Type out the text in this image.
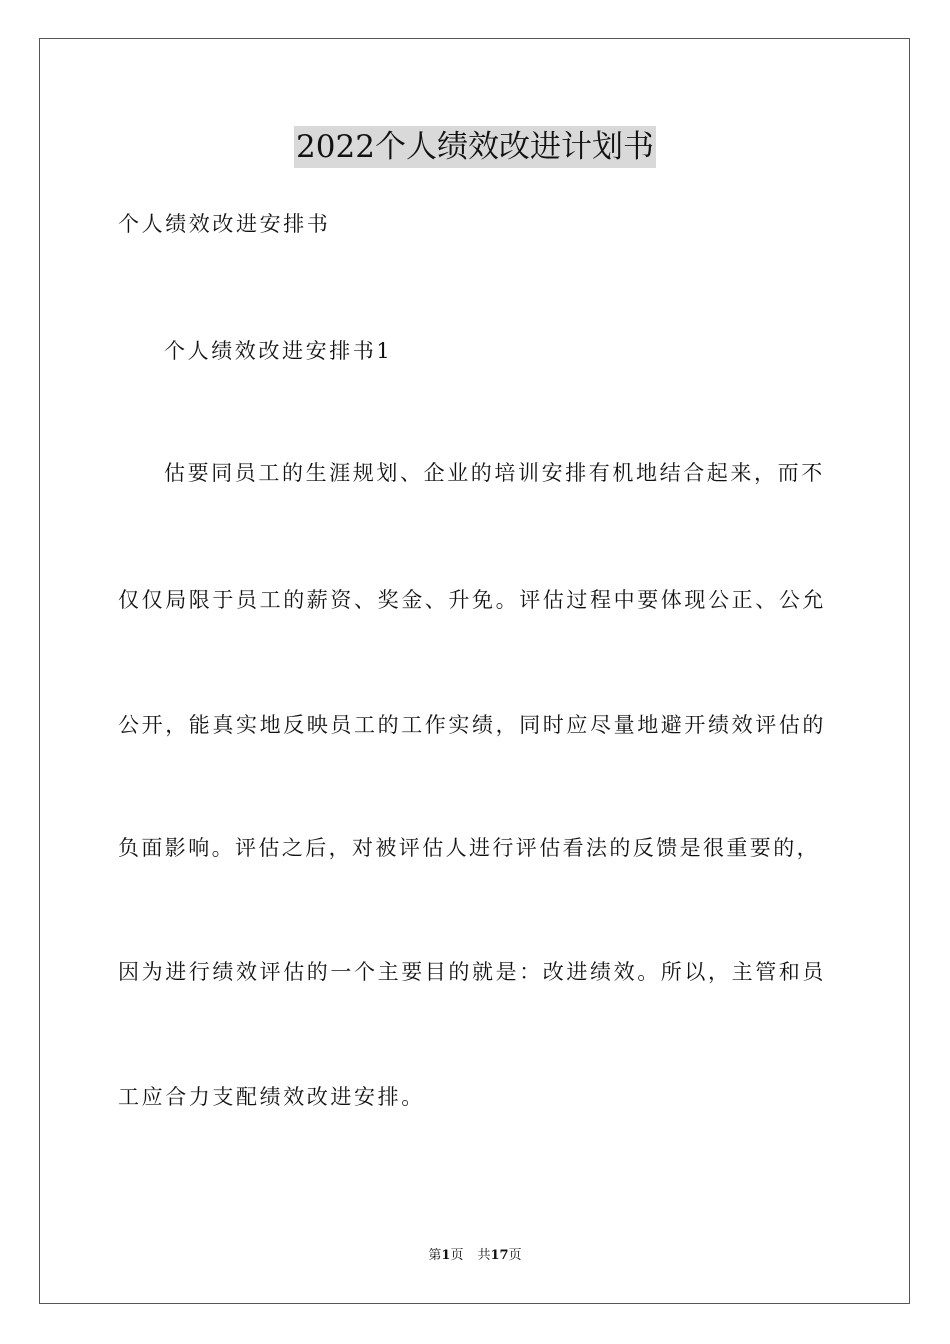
2022个人绩效改进计划书
个人绩效改进安排书
个人绩效改进安排书1
估要同员工的生涯规划、企业的培训安排有机地结合起来，而不
仅仅局限于员工的薪资、奖金、升免。评估过程中要体现公正、公允
公开，能真实地反映员工的工作实绩，同时应尽量地避开绩效评估的
负面影响。评估之后，对被评估人进行评估看法的反馈是很重要的，
因为进行绩效评估的一个主要目的就是：改进绩效。所以，主管和员
工应合力支配绩效改进安排。
第1页 共17页
